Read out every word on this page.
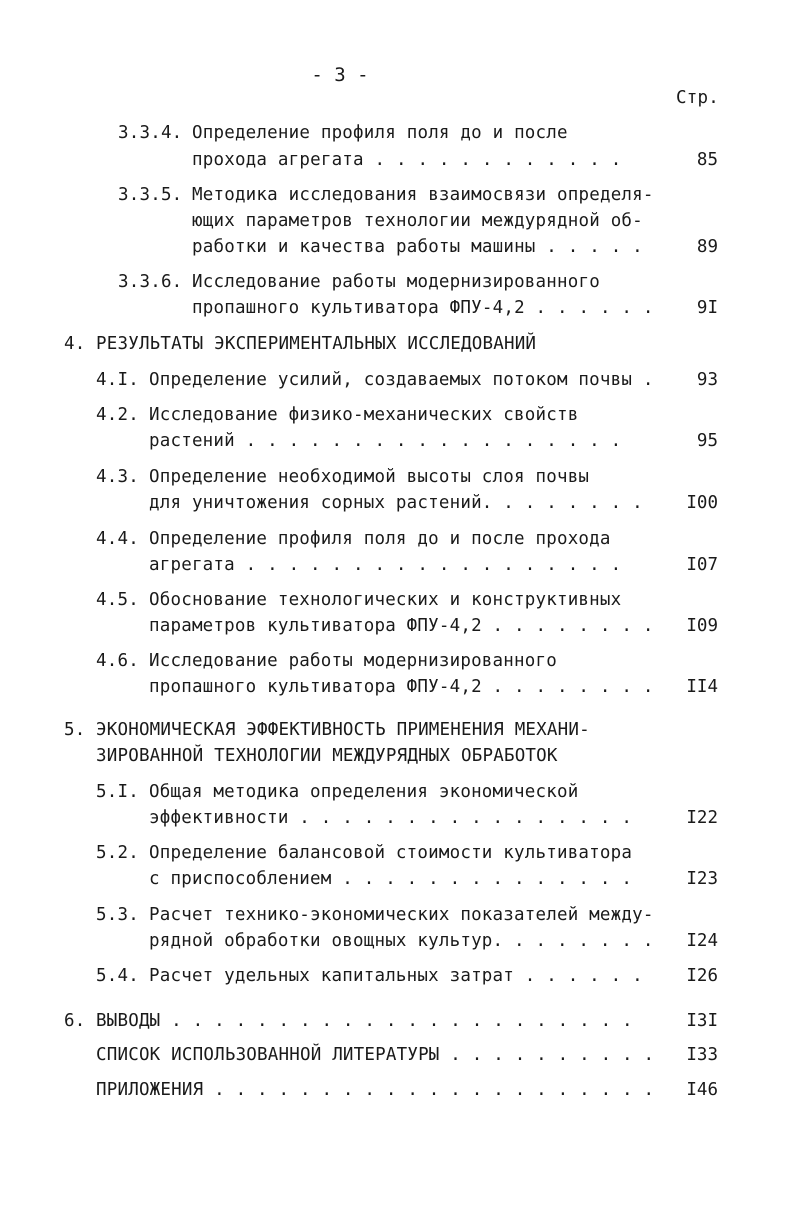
- 3 -
Стр.
3.3.4. Определение профиля поля до и после
прохода агрегата . . . . . . . . . . . .	85
3.3.5. Методика исследования взаимосвязи определя-
ющих параметров технологии междурядной об-
работки и качества работы машины . . . . .	89
3.3.6. Исследование работы модернизированного
пропашного культиватора ФПУ-4,2 . . . . . . 9I
4. РЕЗУЛЬТАТЫ ЭКСПЕРИМЕНТАЛЬНЫХ ИССЛЕДОВАНИЙ
4.I. Определение усилий, создаваемых потоком почвы . 93
4.2. Исследование физико-механических свойств
растений . . . . . . . . . . . . . . . . . .	95
4.3. Определение необходимой высоты слоя почвы
для уничтожения сорных растений. . . . . . . . I00
4.4. Определение профиля поля до и после прохода
агрегата . . . . . . . . . . . . . . . . . .	I07
4.5. Обоснование технологических и конструктивных
параметров культиватора ФПУ-4,2 . . . . . . . . I09
4.6. Исследование работы модернизированного
пропашного культиватора ФПУ-4,2 . . . . . . . . II4
5. ЭКОНОМИЧЕСКАЯ ЭФФЕКТИВНОСТЬ ПРИМЕНЕНИЯ МЕХАНИ-
ЗИРОВАННОЙ ТЕХНОЛОГИИ МЕЖДУРЯДНЫХ ОБРАБОТОК
5.I. Общая методика определения экономической
эффективности . . . . . . . . . . . . . . . .	I22
5.2. Определение балансовой стоимости культиватора
с приспособлением . . . . . . . . . . . . . .	I23
5.3. Расчет технико-экономических показателей между-
рядной обработки овощных культур. . . . . . . . I24
5.4. Расчет удельных капитальных затрат . . . . . . I26
6. ВЫВОДЫ . . . . . . . . . . . . . . . . . . . . . .	I3I
СПИСОК ИСПОЛЬЗОВАННОЙ ЛИТЕРАТУРЫ . . . . . . . . . . I33
ПРИЛОЖЕНИЯ . . . . . . . . . . . . . . . . . . . . . I46
